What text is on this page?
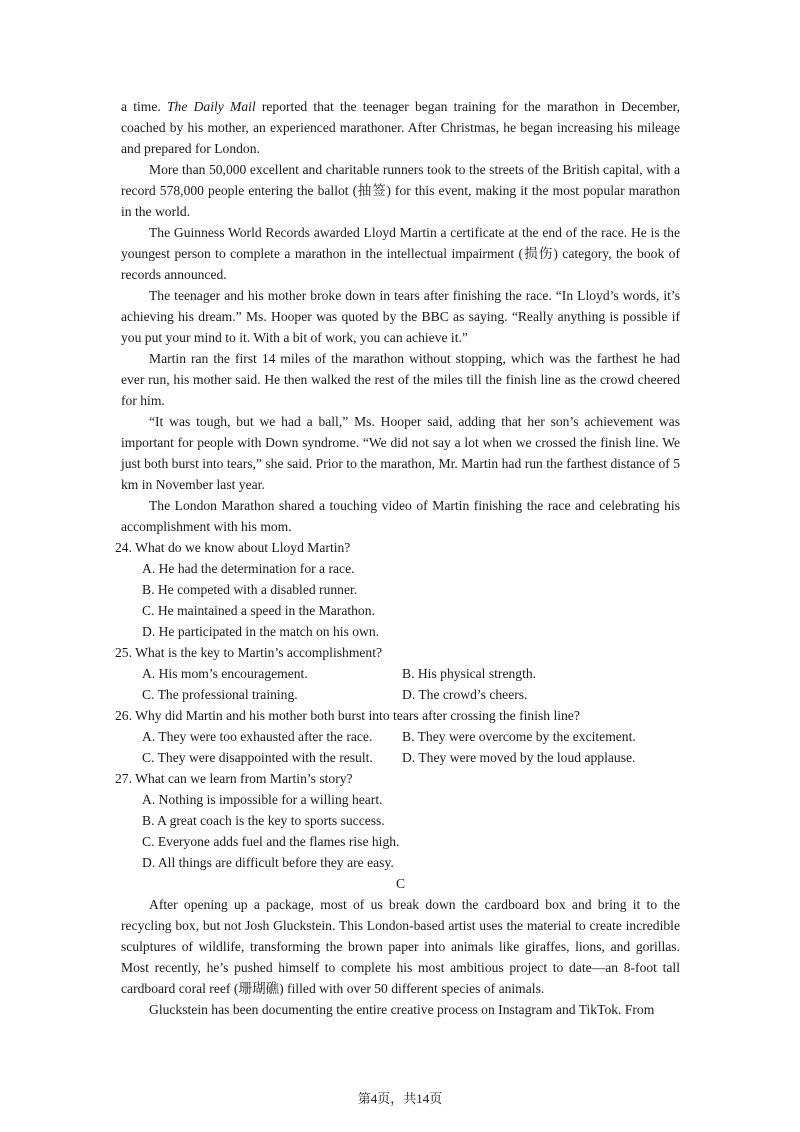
a time. The Daily Mail reported that the teenager began training for the marathon in December, coached by his mother, an experienced marathoner. After Christmas, he began increasing his mileage and prepared for London.

More than 50,000 excellent and charitable runners took to the streets of the British capital, with a record 578,000 people entering the ballot (抽签) for this event, making it the most popular marathon in the world.

The Guinness World Records awarded Lloyd Martin a certificate at the end of the race. He is the youngest person to complete a marathon in the intellectual impairment (损伤) category, the book of records announced.

The teenager and his mother broke down in tears after finishing the race. “In Lloyd’s words, it’s achieving his dream.” Ms. Hooper was quoted by the BBC as saying. “Really anything is possible if you put your mind to it. With a bit of work, you can achieve it.”

Martin ran the first 14 miles of the marathon without stopping, which was the farthest he had ever run, his mother said. He then walked the rest of the miles till the finish line as the crowd cheered for him.

“It was tough, but we had a ball,” Ms. Hooper said, adding that her son’s achievement was important for people with Down syndrome. “We did not say a lot when we crossed the finish line. We just both burst into tears,” she said. Prior to the marathon, Mr. Martin had run the farthest distance of 5 km in November last year.

The London Marathon shared a touching video of Martin finishing the race and celebrating his accomplishment with his mom.

24. What do we know about Lloyd Martin?
A. He had the determination for a race.
B. He competed with a disabled runner.
C. He maintained a speed in the Marathon.
D. He participated in the match on his own.
25. What is the key to Martin’s accomplishment?
A. His mom’s encouragement.	B. His physical strength.
C. The professional training.	D. The crowd’s cheers.
26. Why did Martin and his mother both burst into tears after crossing the finish line?
A. They were too exhausted after the race.	B. They were overcome by the excitement.
C. They were disappointed with the result.	D. They were moved by the loud applause.
27. What can we learn from Martin’s story?
A. Nothing is impossible for a willing heart.
B. A great coach is the key to sports success.
C. Everyone adds fuel and the flames rise high.
D. All things are difficult before they are easy.
C

After opening up a package, most of us break down the cardboard box and bring it to the recycling box, but not Josh Gluckstein. This London-based artist uses the material to create incredible sculptures of wildlife, transforming the brown paper into animals like giraffes, lions, and gorillas. Most recently, he’s pushed himself to complete his most ambitious project to date—an 8-foot tall cardboard coral reef (珊瑚礁) filled with over 50 different species of animals.

Gluckstein has been documenting the entire creative process on Instagram and TikTok. From

第4页，共14页
